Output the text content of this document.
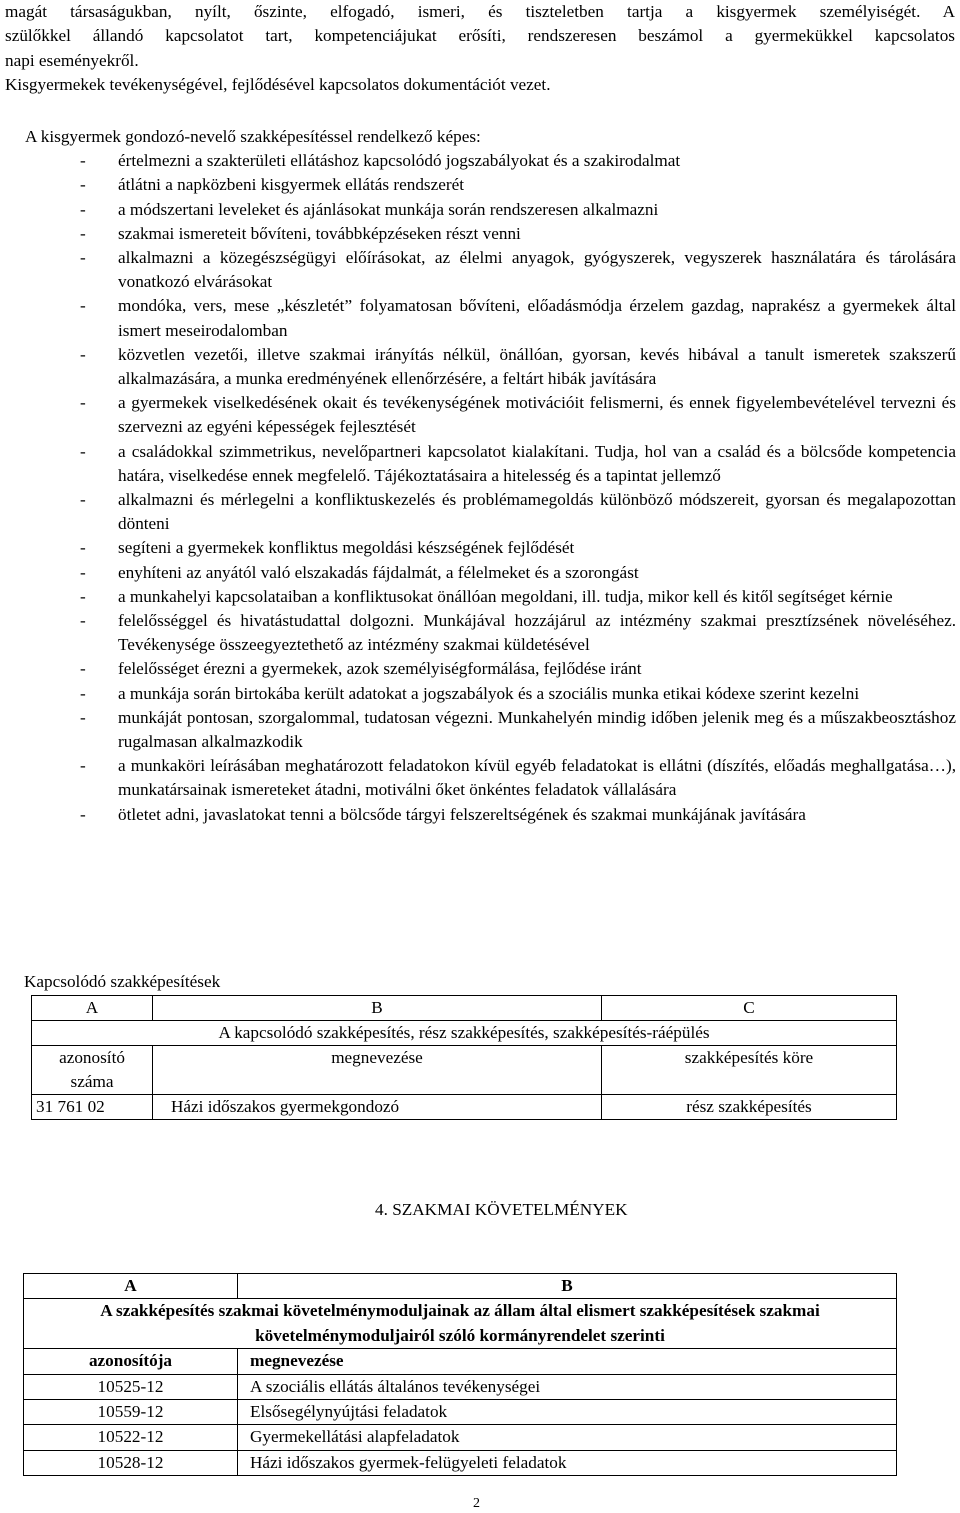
magát társaságukban, nyílt, őszinte, elfogadó, ismeri, és tiszteletben tartja a kisgyermek személyiségét. A

szülőkkel állandó kapcsolatot tart, kompetenciájukat erősíti, rendszeresen beszámol a gyermekükkel kapcsolatos

napi eseményekről.

Kisgyermekek tevékenységével, fejlődésével kapcsolatos dokumentációt vezet.

A kisgyermek gondozó-nevelő szakképesítéssel rendelkező képes:

- értelmezni a szakterületi ellátáshoz kapcsolódó jogszabályokat és a szakirodalmat
- átlátni a napközbeni kisgyermek ellátás rendszerét
- a módszertani leveleket és ajánlásokat munkája során rendszeresen alkalmazni
- szakmai ismereteit bővíteni, továbbképzéseken részt venni
- alkalmazni a közegészségügyi előírásokat, az élelmi anyagok, gyógyszerek, vegyszerek használatára és tárolására vonatkozó elvárásokat
- mondóka, vers, mese „készletét” folyamatosan bővíteni, előadásmódja érzelem gazdag, naprakész a gyermekek által ismert meseirodalomban
- közvetlen vezetői, illetve szakmai irányítás nélkül, önállóan, gyorsan, kevés hibával a tanult ismeretek szakszerű alkalmazására, a munka eredményének ellenőrzésére, a feltárt hibák javítására
- a gyermekek viselkedésének okait és tevékenységének motivációit felismerni, és ennek figyelembevételével tervezni és szervezni az egyéni képességek fejlesztését
- a családokkal szimmetrikus, nevelőpartneri kapcsolatot kialakítani. Tudja, hol van a család és a bölcsőde kompetencia határa, viselkedése ennek megfelelő. Tájékoztatásaira a hitelesség és a tapintat jellemző
- alkalmazni és mérlegelni a konfliktuskezelés és problémamegoldás különböző módszereit, gyorsan és megalapozottan dönteni
- segíteni a gyermekek konfliktus megoldási készségének fejlődését
- enyhíteni az anyától való elszakadás fájdalmát, a félelmeket és a szorongást
- a munkahelyi kapcsolataiban a konfliktusokat önállóan megoldani, ill. tudja, mikor kell és kitől segítséget kérnie
- felelősséggel és hivatástudattal dolgozni. Munkájával hozzájárul az intézmény szakmai presztízsének növeléséhez. Tevékenysége összeegyeztethető az intézmény szakmai küldetésével
- felelősséget érezni a gyermekek, azok személyiségformálása, fejlődése iránt
- a munkája során birtokába került adatokat a jogszabályok és a szociális munka etikai kódexe szerint kezelni
- munkáját pontosan, szorgalommal, tudatosan végezni. Munkahelyén mindig időben jelenik meg és a műszakbeosztáshoz rugalmasan alkalmazkodik
- a munkaköri leírásában meghatározott feladatokon kívül egyéb feladatokat is ellátni (díszítés, előadás meghallgatása…), munkatársainak ismereteket átadni, motiválni őket önkéntes feladatok vállalására
- ötletet adni, javaslatokat tenni a bölcsőde tárgyi felszereltségének és szakmai munkájának javítására
Kapcsolódó szakképesítések
A	B	C
A kapcsolódó szakképesítés, rész szakképesítés, szakképesítés-ráépülés		
azonosító száma	megnevezése	szakképesítés köre
31 761 02	Házi időszakos gyermekgondozó	rész szakképesítés
4. SZAKMAI KÖVETELMÉNYEK
A	B
A szakképesítés szakmai követelménymoduljainak az állam által elismert szakképesítések szakmai követelménymoduljairól szóló kormányrendelet szerinti	
azonosítója	megnevezése
10525-12	A szociális ellátás általános tevékenységei
10559-12	Elsősegélynyújtási feladatok
10522-12	Gyermekellátási alapfeladatok
10528-12	Házi időszakos gyermek-felügyeleti feladatok
2
